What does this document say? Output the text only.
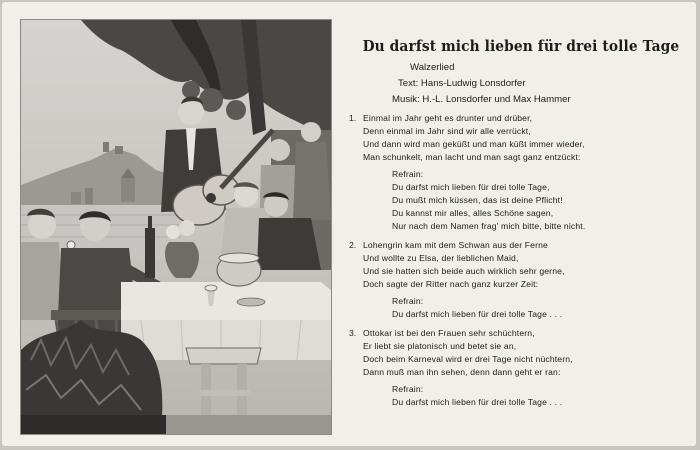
Du darfst mich lieben für drei tolle Tage
Walzerlied
Text: Hans-Ludwig Lonsdorfer
Musik: H.-L. Lonsdorfer und Max Hammer
1. Einmal im Jahr geht es drunter und drüber,
Denn einmal im Jahr sind wir alle verrückt,
Und dann wird man geküßt und man küßt immer wieder,
Man schunkelt, man lacht und man sagt ganz entzückt:
Refrain:
Du darfst mich lieben für drei tolle Tage,
Du mußt mich küssen, das ist deine Pflicht!
Du kannst mir alles, alles Schöne sagen,
Nur nach dem Namen frag' mich bitte, bitte nicht.
2. Lohengrin kam mit dem Schwan aus der Ferne
Und wollte zu Elsa, der lieblichen Maid,
Und sie hatten sich beide auch wirklich sehr gerne,
Doch sagte der Ritter nach ganz kurzer Zeit:
Refrain:
Du darfst mich lieben für drei tolle Tage . . .
3. Ottokar ist bei den Frauen sehr schüchtern,
Er liebt sie platonisch und betet sie an,
Doch beim Karneval wird er drei Tage nicht nüchtern,
Dann muß man ihn sehen, denn dann geht er ran:
Refrain:
Du darfst mich lieben für drei tolle Tage . . .
